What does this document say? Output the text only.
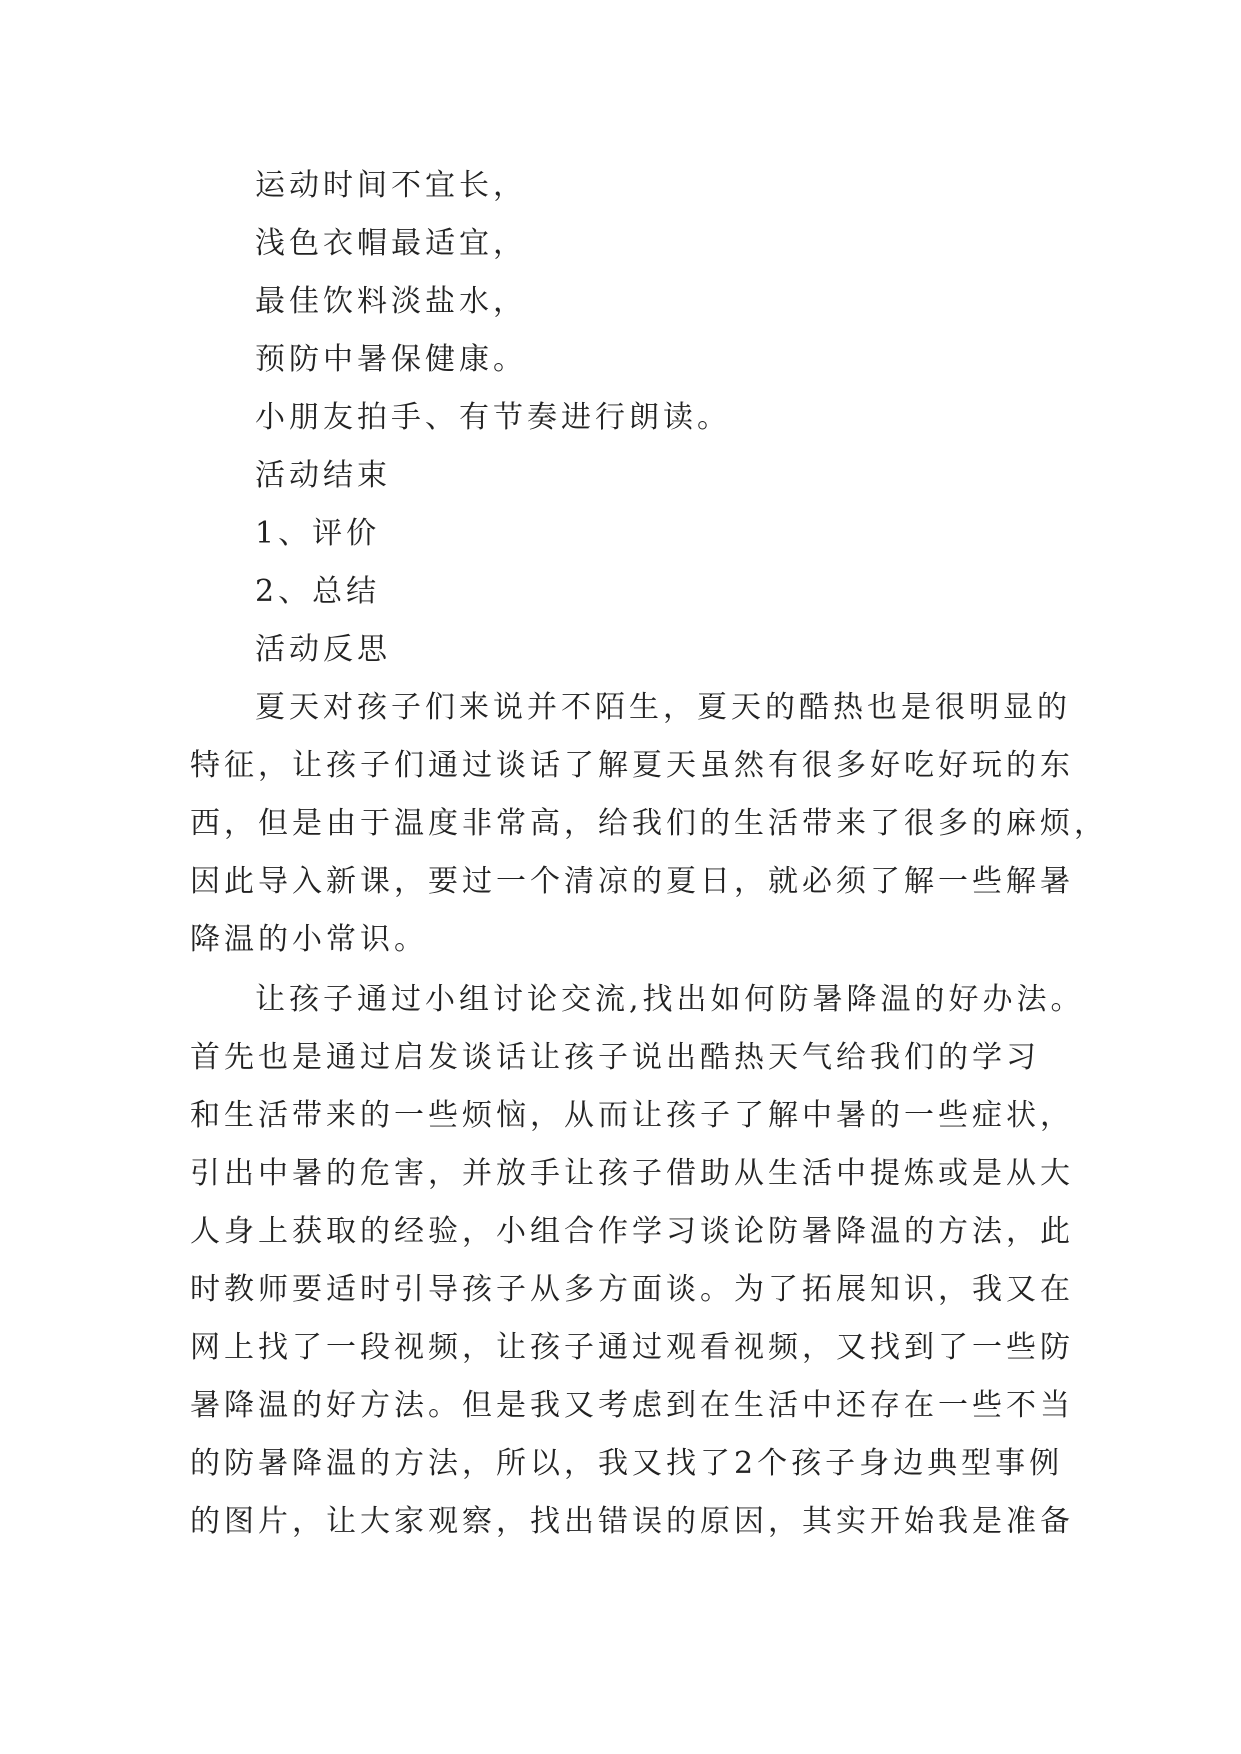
运动时间不宜长，
浅色衣帽最适宜，
最佳饮料淡盐水，
预防中暑保健康。
小朋友拍手、有节奏进行朗读。
活动结束
1、评价
2、总结
活动反思
夏天对孩子们来说并不陌生，夏天的酷热也是很明显的
特征，让孩子们通过谈话了解夏天虽然有很多好吃好玩的东
西，但是由于温度非常高，给我们的生活带来了很多的麻烦，
因此导入新课，要过一个清凉的夏日，就必须了解一些解暑
降温的小常识。
让孩子通过小组讨论交流,找出如何防暑降温的好办法。
首先也是通过启发谈话让孩子说出酷热天气给我们的学习
和生活带来的一些烦恼，从而让孩子了解中暑的一些症状，
引出中暑的危害，并放手让孩子借助从生活中提炼或是从大
人身上获取的经验，小组合作学习谈论防暑降温的方法，此
时教师要适时引导孩子从多方面谈。为了拓展知识，我又在
网上找了一段视频，让孩子通过观看视频，又找到了一些防
暑降温的好方法。但是我又考虑到在生活中还存在一些不当
的防暑降温的方法，所以，我又找了2个孩子身边典型事例
的图片，让大家观察，找出错误的原因，其实开始我是准备
